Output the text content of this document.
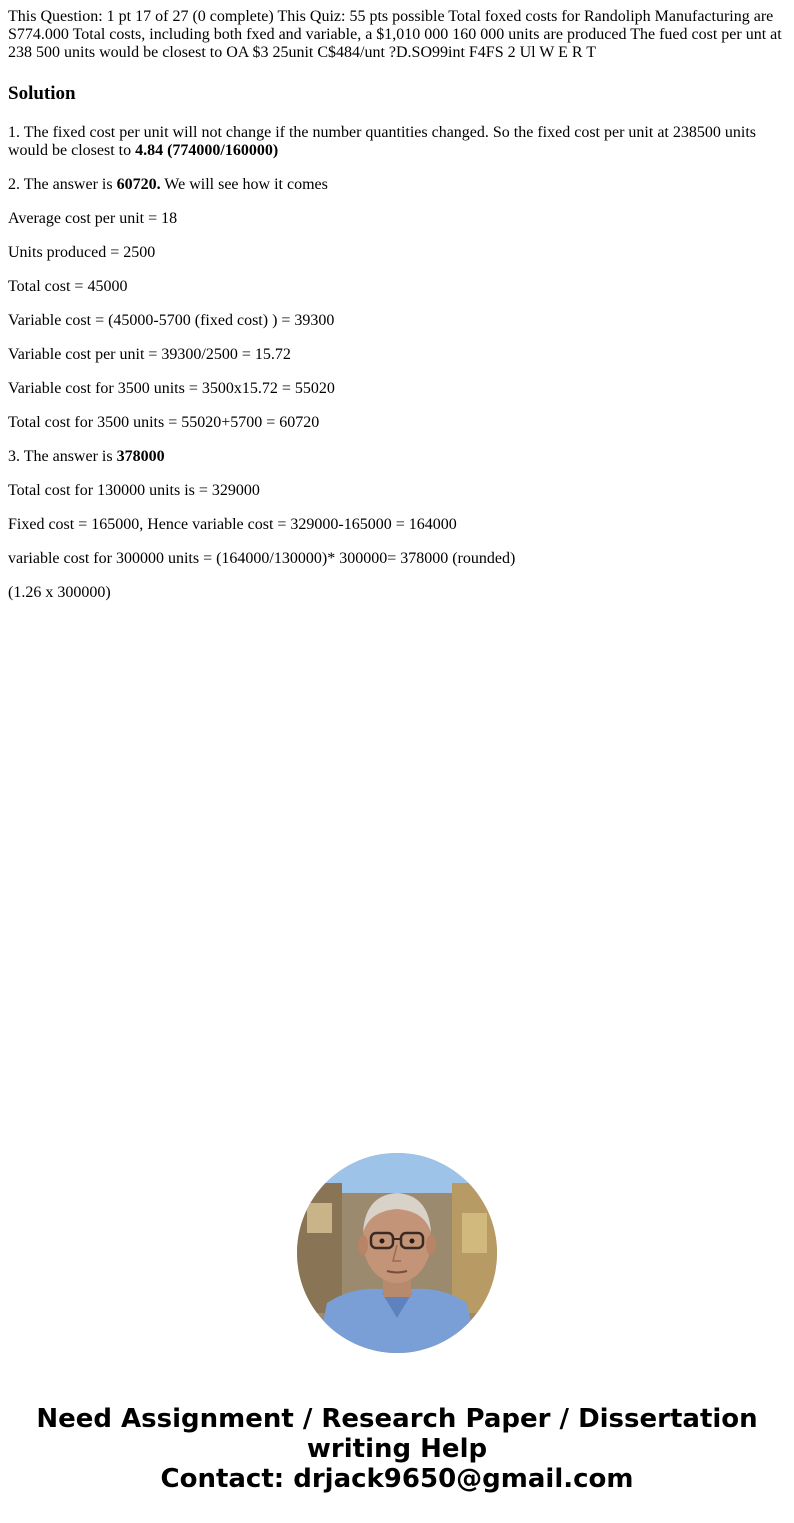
This Question: 1 pt 17 of 27 (0 complete) This Quiz: 55 pts possible Total foxed costs for Randoliph Manufacturing are S774.000 Total costs, including both fxed and variable, a $1,010 000 160 000 units are produced The fued cost per unt at 238 500 units would be closest to OA $3 25unit C$484/unt ?D.SO99int F4FS 2 Ul W E R T

Solution

1. The fixed cost per unit will not change if the number quantities changed. So the fixed cost per unit at 238500 units would be closest to 4.84 (774000/160000)

2. The answer is 60720. We will see how it comes

Average cost per unit = 18

Units produced = 2500

Total cost = 45000

Variable cost = (45000-5700 (fixed cost) ) = 39300

Variable cost per unit = 39300/2500 = 15.72

Variable cost for 3500 units = 3500x15.72 = 55020

Total cost for 3500 units = 55020+5700 = 60720

3. The answer is 378000

Total cost for 130000 units is = 329000

Fixed cost = 165000, Hence variable cost = 329000-165000 = 164000

variable cost for 300000 units = (164000/130000)* 300000= 378000 (rounded)

(1.26 x 300000)

Need Assignment / Research Paper / Dissertation
writing Help
Contact: drjack9650@gmail.com
